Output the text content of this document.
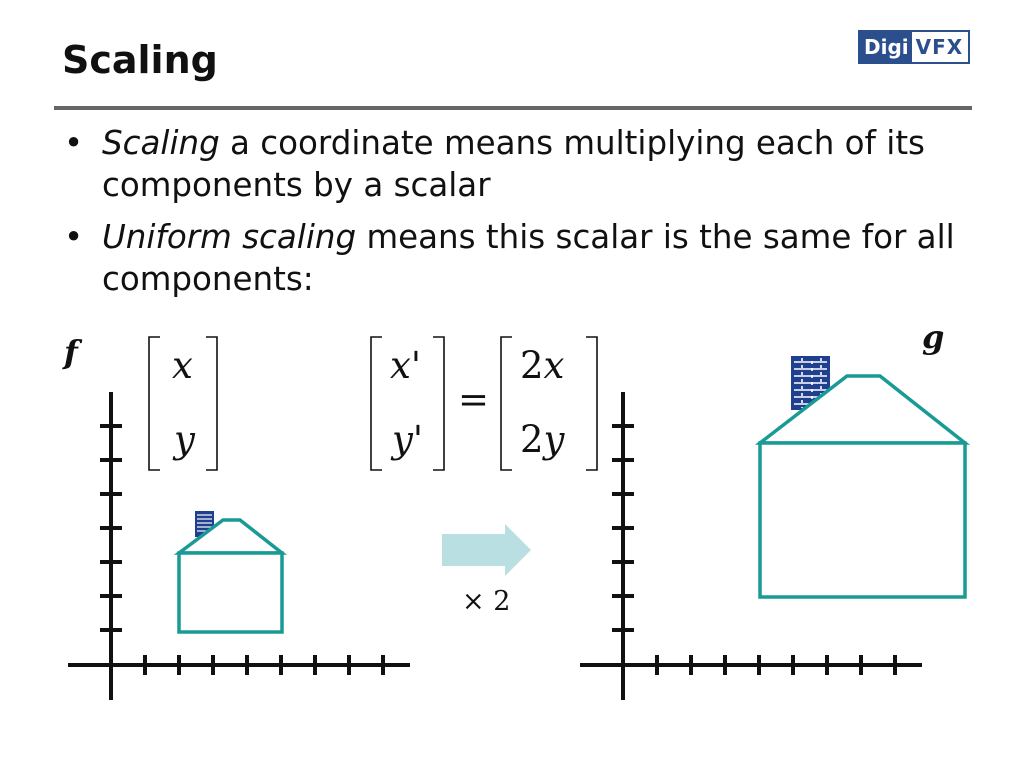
Scaling	Digi VFX
• Scaling a coordinate means multiplying each of its components by a scalar
• Uniform scaling means this scalar is the same for all components:
f	g
x
y
x'
y'
=
2x
2y
× 2
